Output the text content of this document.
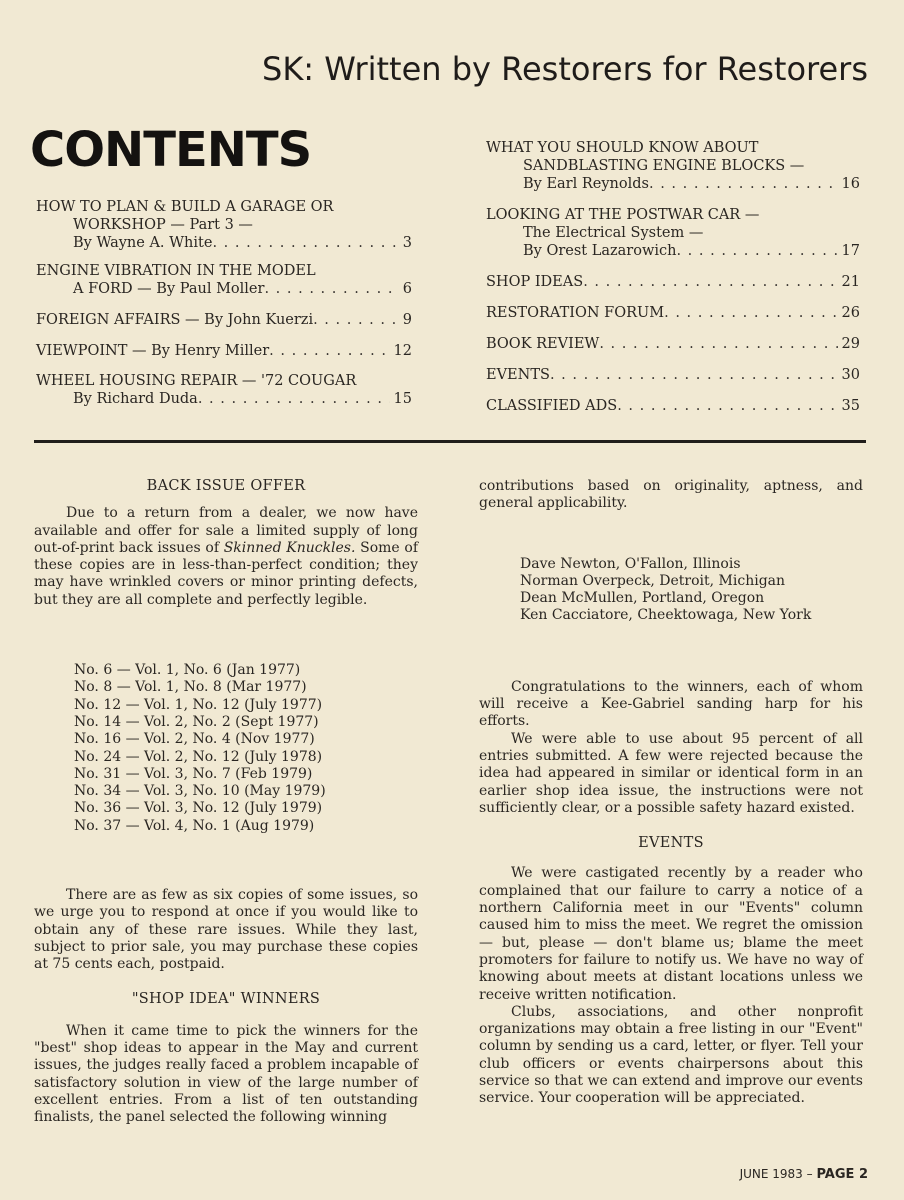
SK: Written by Restorers for Restorers
CONTENTS
HOW TO PLAN & BUILD A GARAGE OR
WORKSHOP — Part 3 —
By Wayne A. White . . .	3
ENGINE VIBRATION IN THE MODEL
A FORD — By Paul Moller . . .	6
FOREIGN AFFAIRS — By John Kuerzi . . .	9
VIEWPOINT — By Henry Miller . . .	12
WHEEL HOUSING REPAIR — '72 COUGAR
By Richard Duda . . .	15
WHAT YOU SHOULD KNOW ABOUT
SANDBLASTING ENGINE BLOCKS —
By Earl Reynolds . . .	16
LOOKING AT THE POSTWAR CAR —
The Electrical System —
By Orest Lazarowich . . .	17
SHOP IDEAS . . .	21
RESTORATION FORUM . . .	26
BOOK REVIEW . . .	29
EVENTS . . .	30
CLASSIFIED ADS . . .	35
BACK ISSUE OFFER

Due to a return from a dealer, we now have available and offer for sale a limited supply of long out-of-print back issues of Skinned Knuckles. Some of these copies are in less-than-perfect condition; they may have wrinkled covers or minor printing defects, but they are all complete and perfectly legible.

No. 6 — Vol. 1, No. 6 (Jan 1977)
No. 8 — Vol. 1, No. 8 (Mar 1977)
No. 12 — Vol. 1, No. 12 (July 1977)
No. 14 — Vol. 2, No. 2 (Sept 1977)
No. 16 — Vol. 2, No. 4 (Nov 1977)
No. 24 — Vol. 2, No. 12 (July 1978)
No. 31 — Vol. 3, No. 7 (Feb 1979)
No. 34 — Vol. 3, No. 10 (May 1979)
No. 36 — Vol. 3, No. 12 (July 1979)
No. 37 — Vol. 4, No. 1 (Aug 1979)

There are as few as six copies of some issues, so we urge you to respond at once if you would like to obtain any of these rare issues. While they last, subject to prior sale, you may purchase these copies at 75 cents each, postpaid.

"SHOP IDEA" WINNERS

When it came time to pick the winners for the "best" shop ideas to appear in the May and current issues, the judges really faced a problem incapable of satisfactory solution in view of the large number of excellent entries. From a list of ten outstanding finalists, the panel selected the following winning

contributions based on originality, aptness, and general applicability.

Dave Newton, O'Fallon, Illinois
Norman Overpeck, Detroit, Michigan
Dean McMullen, Portland, Oregon
Ken Cacciatore, Cheektowaga, New York

Congratulations to the winners, each of whom will receive a Kee-Gabriel sanding harp for his efforts.

We were able to use about 95 percent of all entries submitted. A few were rejected because the idea had appeared in similar or identical form in an earlier shop idea issue, the instructions were not sufficiently clear, or a possible safety hazard existed.

EVENTS

We were castigated recently by a reader who complained that our failure to carry a notice of a northern California meet in our "Events" column caused him to miss the meet. We regret the omission — but, please — don't blame us; blame the meet promoters for failure to notify us. We have no way of knowing about meets at distant locations unless we receive written notification.

Clubs, associations, and other nonprofit organizations may obtain a free listing in our "Event" column by sending us a card, letter, or flyer. Tell your club officers or events chairpersons about this service so that we can extend and improve our events service. Your cooperation will be appreciated.

JUNE 1983 – PAGE 2
